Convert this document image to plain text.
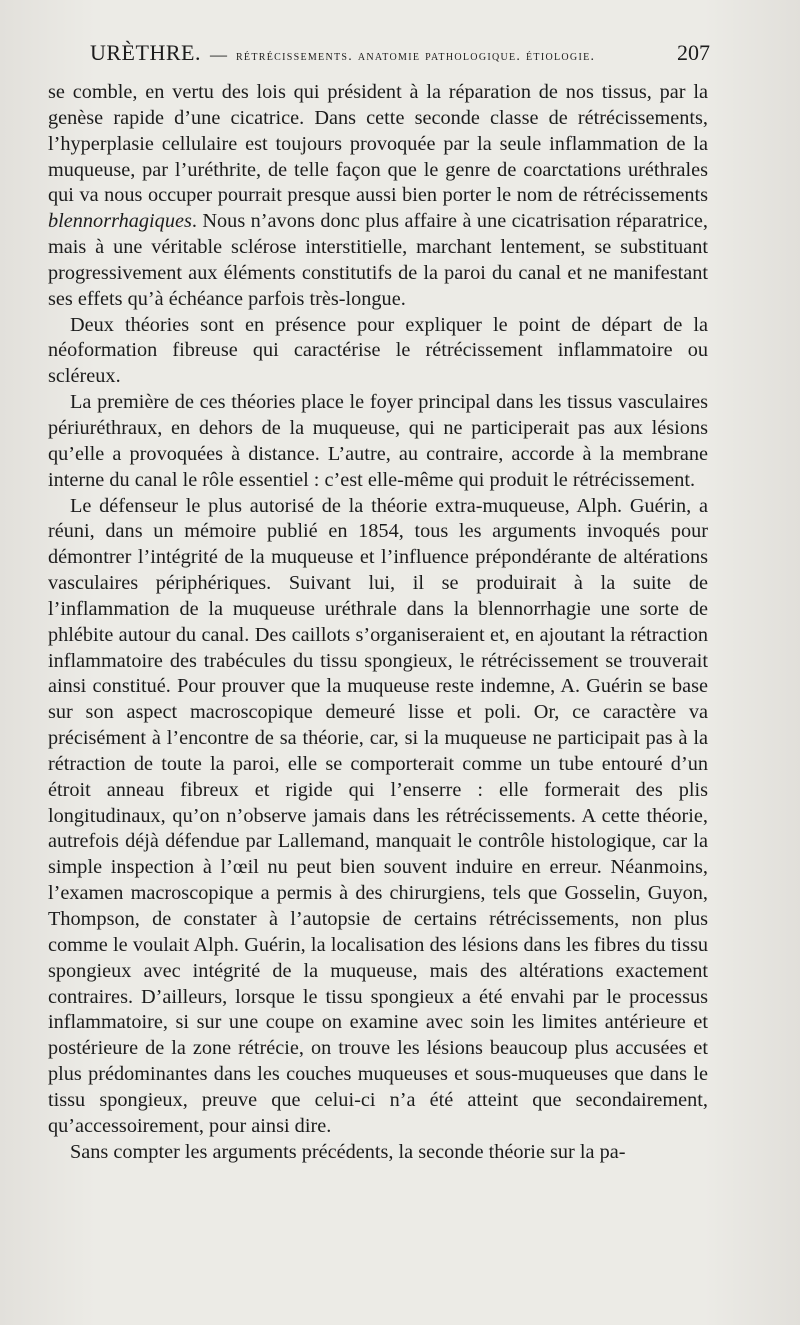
URÈTHRE. — rétrécissements. anatomie pathologique. étiologie.	207

se comble, en vertu des lois qui président à la réparation de nos tissus, par la genèse rapide d’une cicatrice. Dans cette seconde classe de rétrécissements, l’hyperplasie cellulaire est toujours provoquée par la seule inflammation de la muqueuse, par l’uréthrite, de telle façon que le genre de coarctations uréthrales qui va nous occuper pourrait presque aussi bien porter le nom de rétrécissements blennorrhagiques. Nous n’avons donc plus affaire à une cicatrisation réparatrice, mais à une véritable sclérose interstitielle, marchant lentement, se substituant progressivement aux éléments constitutifs de la paroi du canal et ne manifestant ses effets qu’à échéance parfois très-longue.

Deux théories sont en présence pour expliquer le point de départ de la néoformation fibreuse qui caractérise le rétrécissement inflammatoire ou scléreux.

La première de ces théories place le foyer principal dans les tissus vasculaires périuréthraux, en dehors de la muqueuse, qui ne participerait pas aux lésions qu’elle a provoquées à distance. L’autre, au contraire, accorde à la membrane interne du canal le rôle essentiel : c’est elle-même qui produit le rétrécissement.

Le défenseur le plus autorisé de la théorie extra-muqueuse, Alph. Guérin, a réuni, dans un mémoire publié en 1854, tous les arguments invoqués pour démontrer l’intégrité de la muqueuse et l’influence prépondérante de altérations vasculaires périphériques. Suivant lui, il se produirait à la suite de l’inflammation de la muqueuse uréthrale dans la blennorrhagie une sorte de phlébite autour du canal. Des caillots s’organiseraient et, en ajoutant la rétraction inflammatoire des trabécules du tissu spongieux, le rétrécissement se trouverait ainsi constitué. Pour prouver que la muqueuse reste indemne, A. Guérin se base sur son aspect macroscopique demeuré lisse et poli. Or, ce caractère va précisément à l’encontre de sa théorie, car, si la muqueuse ne participait pas à la rétraction de toute la paroi, elle se comporterait comme un tube entouré d’un étroit anneau fibreux et rigide qui l’enserre : elle formerait des plis longitudinaux, qu’on n’observe jamais dans les rétrécissements. A cette théorie, autrefois déjà défendue par Lallemand, manquait le contrôle histologique, car la simple inspection à l’œil nu peut bien souvent induire en erreur. Néanmoins, l’examen macroscopique a permis à des chirurgiens, tels que Gosselin, Guyon, Thompson, de constater à l’autopsie de certains rétrécissements, non plus comme le voulait Alph. Guérin, la localisation des lésions dans les fibres du tissu spongieux avec intégrité de la muqueuse, mais des altérations exactement contraires. D’ailleurs, lorsque le tissu spongieux a été envahi par le processus inflammatoire, si sur une coupe on examine avec soin les limites antérieure et postérieure de la zone rétrécie, on trouve les lésions beaucoup plus accusées et plus prédominantes dans les couches muqueuses et sous-muqueuses que dans le tissu spongieux, preuve que celui-ci n’a été atteint que secondairement, qu’accessoirement, pour ainsi dire.

Sans compter les arguments précédents, la seconde théorie sur la pa-
